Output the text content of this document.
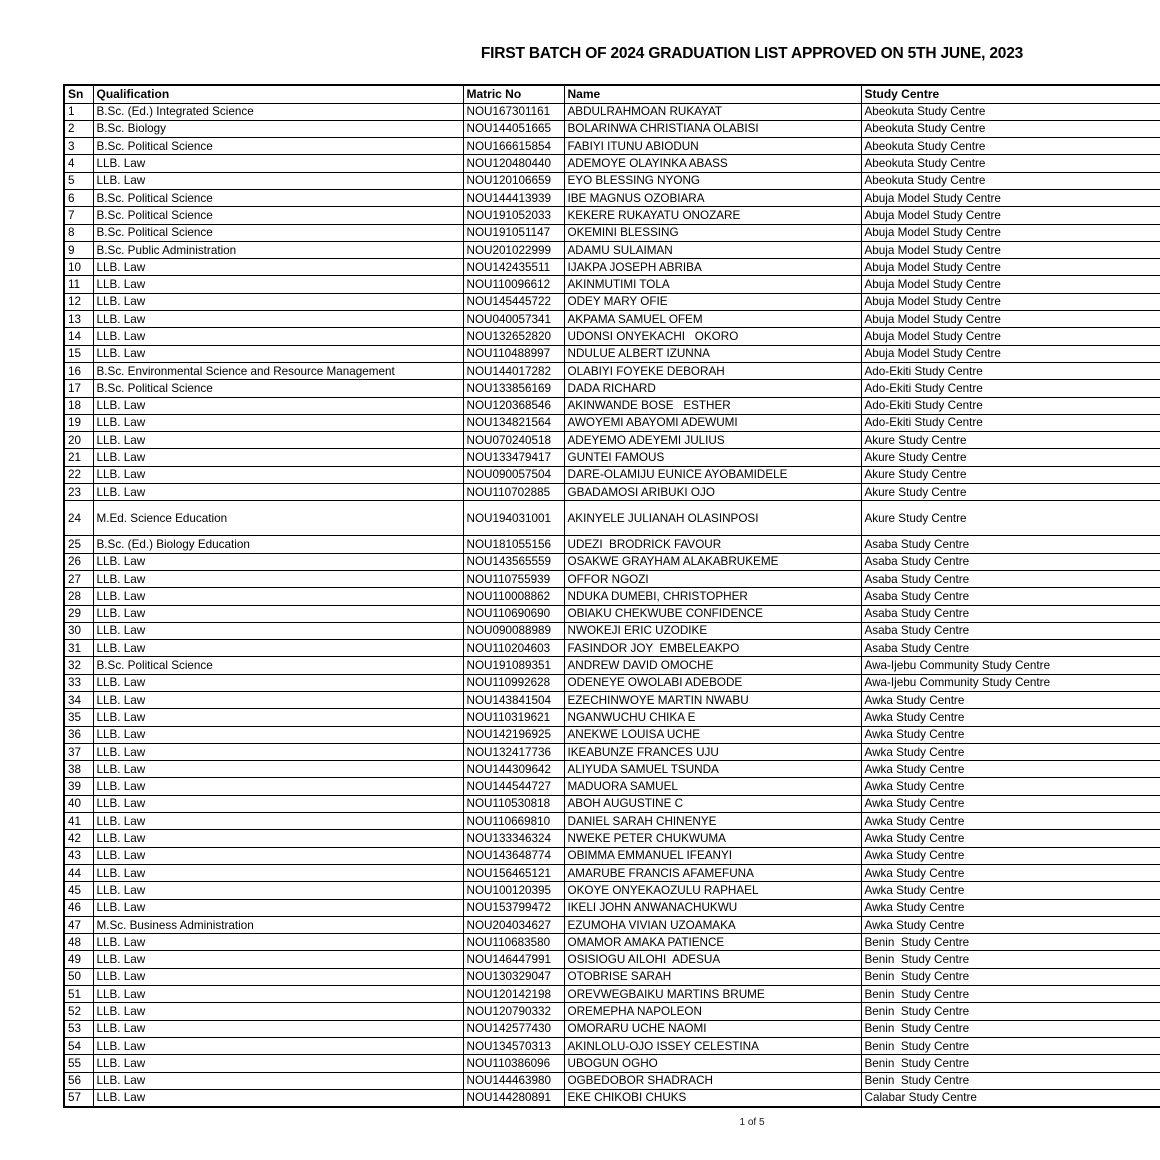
FIRST BATCH OF 2024 GRADUATION LIST APPROVED ON 5TH JUNE, 2023
Sn	Qualification	Matric No	Name	Study Centre
1	B.Sc. (Ed.) Integrated Science	NOU167301161	ABDULRAHMOAN RUKAYAT	Abeokuta Study Centre
2	B.Sc. Biology	NOU144051665	BOLARINWA CHRISTIANA OLABISI	Abeokuta Study Centre
3	B.Sc. Political Science	NOU166615854	FABIYI ITUNU ABIODUN	Abeokuta Study Centre
4	LLB. Law	NOU120480440	ADEMOYE OLAYINKA ABASS	Abeokuta Study Centre
5	LLB. Law	NOU120106659	EYO BLESSING NYONG	Abeokuta Study Centre
6	B.Sc. Political Science	NOU144413939	IBE MAGNUS OZOBIARA	Abuja Model Study Centre
7	B.Sc. Political Science	NOU191052033	KEKERE RUKAYATU ONOZARE	Abuja Model Study Centre
8	B.Sc. Political Science	NOU191051147	OKEMINI BLESSING	Abuja Model Study Centre
9	B.Sc. Public Administration	NOU201022999	ADAMU SULAIMAN	Abuja Model Study Centre
10	LLB. Law	NOU142435511	IJAKPA JOSEPH ABRIBA	Abuja Model Study Centre
11	LLB. Law	NOU110096612	AKINMUTIMI TOLA	Abuja Model Study Centre
12	LLB. Law	NOU145445722	ODEY MARY OFIE	Abuja Model Study Centre
13	LLB. Law	NOU040057341	AKPAMA SAMUEL OFEM	Abuja Model Study Centre
14	LLB. Law	NOU132652820	UDONSI ONYEKACHI   OKORO	Abuja Model Study Centre
15	LLB. Law	NOU110488997	NDULUE ALBERT IZUNNA	Abuja Model Study Centre
16	B.Sc. Environmental Science and Resource Management	NOU144017282	OLABIYI FOYEKE DEBORAH	Ado-Ekiti Study Centre
17	B.Sc. Political Science	NOU133856169	DADA RICHARD	Ado-Ekiti Study Centre
18	LLB. Law	NOU120368546	AKINWANDE BOSE   ESTHER	Ado-Ekiti Study Centre
19	LLB. Law	NOU134821564	AWOYEMI ABAYOMI ADEWUMI	Ado-Ekiti Study Centre
20	LLB. Law	NOU070240518	ADEYEMO ADEYEMI JULIUS	Akure Study Centre
21	LLB. Law	NOU133479417	GUNTEI FAMOUS	Akure Study Centre
22	LLB. Law	NOU090057504	DARE-OLAMIJU EUNICE AYOBAMIDELE	Akure Study Centre
23	LLB. Law	NOU110702885	GBADAMOSI ARIBUKI OJO	Akure Study Centre
24	M.Ed. Science Education	NOU194031001	AKINYELE JULIANAH OLASINPOSI	Akure Study Centre
25	B.Sc. (Ed.) Biology Education	NOU181055156	UDEZI  BRODRICK FAVOUR	Asaba Study Centre
26	LLB. Law	NOU143565559	OSAKWE GRAYHAM ALAKABRUKEME	Asaba Study Centre
27	LLB. Law	NOU110755939	OFFOR NGOZI	Asaba Study Centre
28	LLB. Law	NOU110008862	NDUKA DUMEBI, CHRISTOPHER	Asaba Study Centre
29	LLB. Law	NOU110690690	OBIAKU CHEKWUBE CONFIDENCE	Asaba Study Centre
30	LLB. Law	NOU090088989	NWOKEJI ERIC UZODIKE	Asaba Study Centre
31	LLB. Law	NOU110204603	FASINDOR JOY  EMBELEAKPO	Asaba Study Centre
32	B.Sc. Political Science	NOU191089351	ANDREW DAVID OMOCHE	Awa-Ijebu Community Study Centre
33	LLB. Law	NOU110992628	ODENEYE OWOLABI ADEBODE	Awa-Ijebu Community Study Centre
34	LLB. Law	NOU143841504	EZECHINWOYE MARTIN NWABU	Awka Study Centre
35	LLB. Law	NOU110319621	NGANWUCHU CHIKA E	Awka Study Centre
36	LLB. Law	NOU142196925	ANEKWE LOUISA UCHE	Awka Study Centre
37	LLB. Law	NOU132417736	IKEABUNZE FRANCES UJU	Awka Study Centre
38	LLB. Law	NOU144309642	ALIYUDA SAMUEL TSUNDA	Awka Study Centre
39	LLB. Law	NOU144544727	MADUORA SAMUEL	Awka Study Centre
40	LLB. Law	NOU110530818	ABOH AUGUSTINE C	Awka Study Centre
41	LLB. Law	NOU110669810	DANIEL SARAH CHINENYE	Awka Study Centre
42	LLB. Law	NOU133346324	NWEKE PETER CHUKWUMA	Awka Study Centre
43	LLB. Law	NOU143648774	OBIMMA EMMANUEL IFEANYI	Awka Study Centre
44	LLB. Law	NOU156465121	AMARUBE FRANCIS AFAMEFUNA	Awka Study Centre
45	LLB. Law	NOU100120395	OKOYE ONYEKAOZULU RAPHAEL	Awka Study Centre
46	LLB. Law	NOU153799472	IKELI JOHN ANWANACHUKWU	Awka Study Centre
47	M.Sc. Business Administration	NOU204034627	EZUMOHA VIVIAN UZOAMAKA	Awka Study Centre
48	LLB. Law	NOU110683580	OMAMOR AMAKA PATIENCE	Benin  Study Centre
49	LLB. Law	NOU146447991	OSISIOGU AILOHI  ADESUA	Benin  Study Centre
50	LLB. Law	NOU130329047	OTOBRISE SARAH	Benin  Study Centre
51	LLB. Law	NOU120142198	OREVWEGBAIKU MARTINS BRUME	Benin  Study Centre
52	LLB. Law	NOU120790332	OREMEPHA NAPOLEON	Benin  Study Centre
53	LLB. Law	NOU142577430	OMORARU UCHE NAOMI	Benin  Study Centre
54	LLB. Law	NOU134570313	AKINLOLU-OJO ISSEY CELESTINA	Benin  Study Centre
55	LLB. Law	NOU110386096	UBOGUN OGHO	Benin  Study Centre
56	LLB. Law	NOU144463980	OGBEDOBOR SHADRACH	Benin  Study Centre
57	LLB. Law	NOU144280891	EKE CHIKOBI CHUKS	Calabar Study Centre
1 of 5
